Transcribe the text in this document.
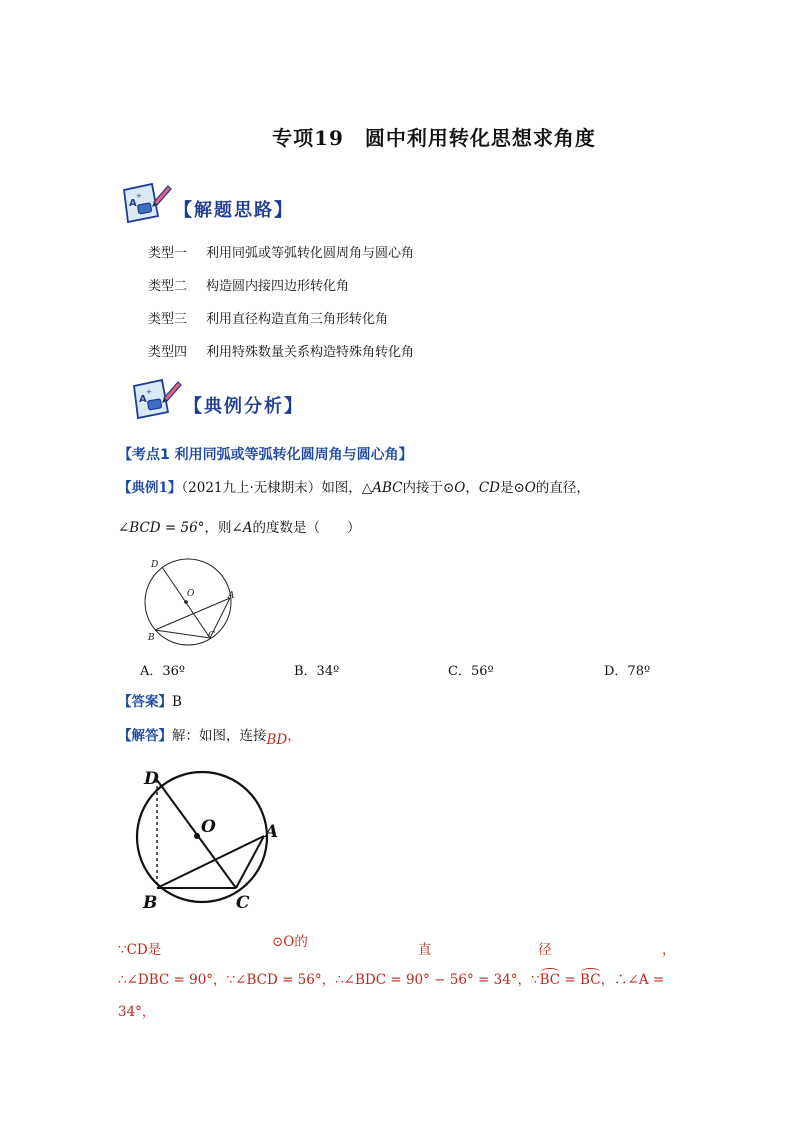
专项19　圆中利用转化思想求角度
A
+
【解题思路】
类型一	利用同弧或等弧转化圆周角与圆心角
类型二	构造圆内接四边形转化角
类型三	利用直径构造直角三角形转化角
类型四	利用特殊数量关系构造特殊角转化角
A
+
【典例分析】
【考点1 利用同弧或等弧转化圆周角与圆心角】
【典例1】（2021九上·无棣期末）如图，△ABC内接于⊙O，CD是⊙O的直径，
∠BCD = 56°，则∠A的度数是（　　）
D
O	A
B	C
A．36º	B．34º	C．56º	D．78º
【答案】B
【解答】解：如图，连接BD，
D
O	A
B	C
∵CD是	⊙O的	直	径	，
∴∠DBC = 90°，∵∠BCD = 56°，∴∠BDC = 90° − 56° = 34°，∵BC = BC，∴∠A =
34°，
